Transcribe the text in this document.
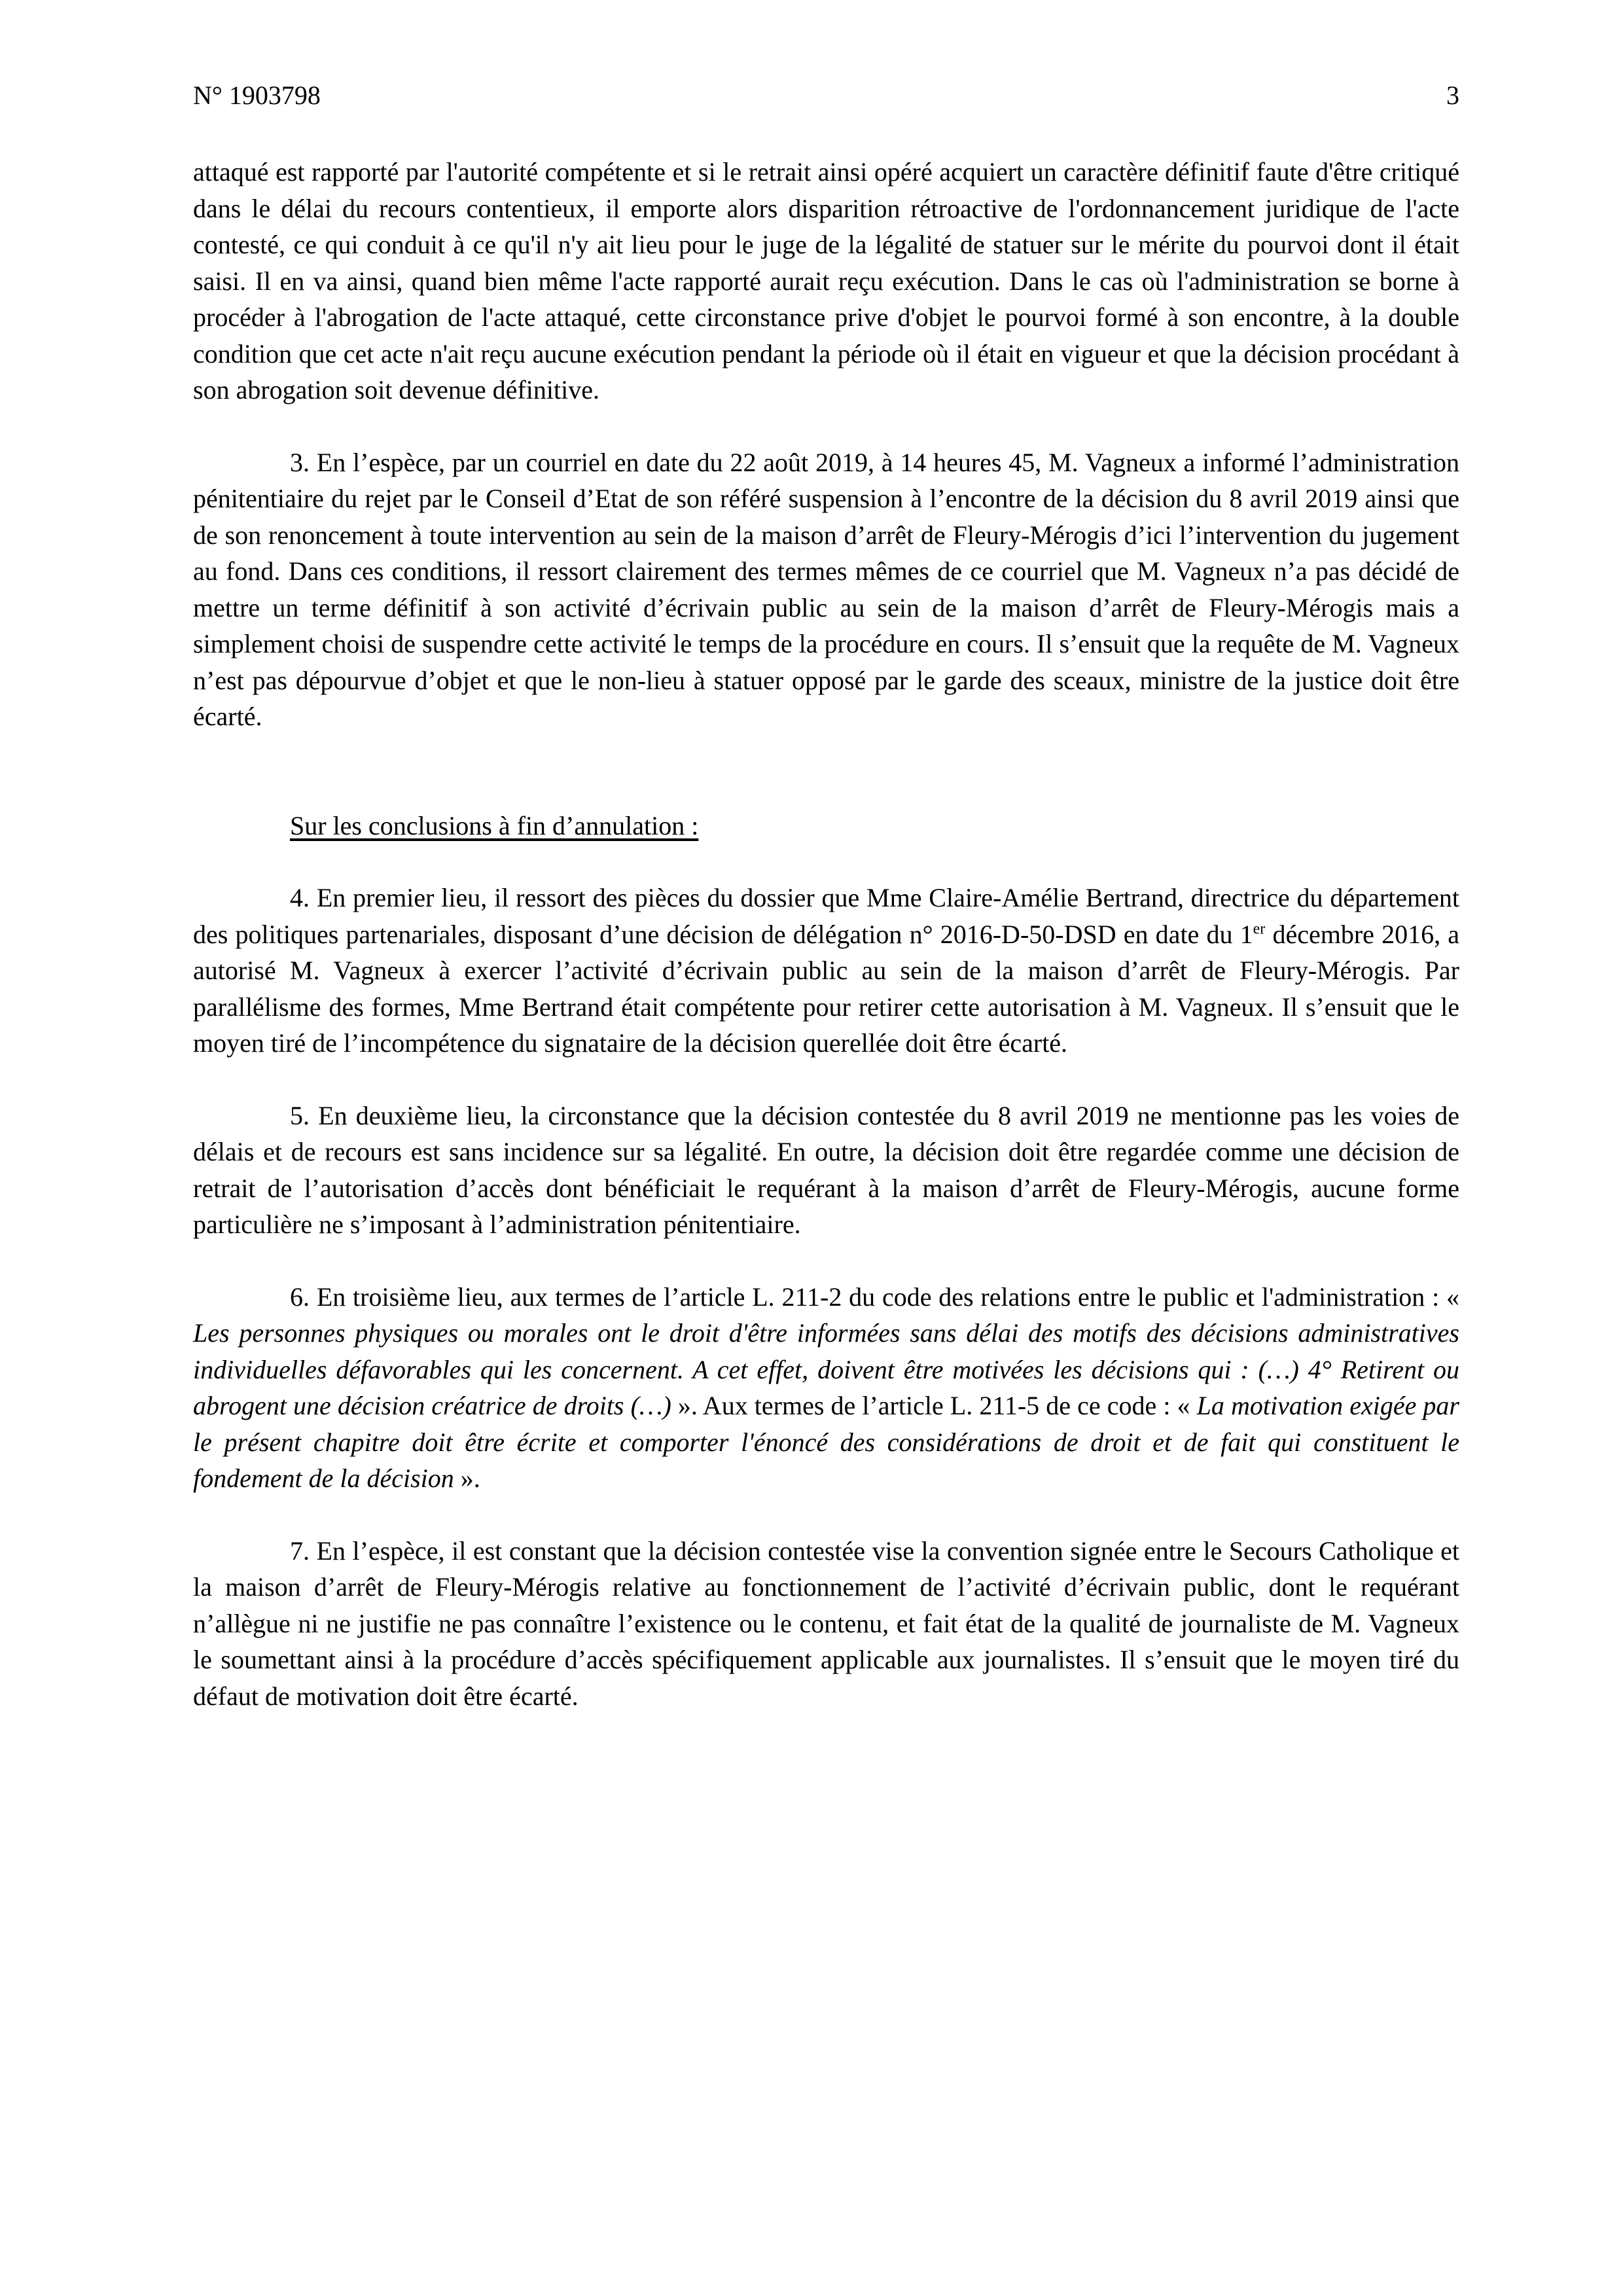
N° 1903798	3

attaqué est rapporté par l'autorité compétente et si le retrait ainsi opéré acquiert un caractère définitif faute d'être critiqué dans le délai du recours contentieux, il emporte alors disparition rétroactive de l'ordonnancement juridique de l'acte contesté, ce qui conduit à ce qu'il n'y ait lieu pour le juge de la légalité de statuer sur le mérite du pourvoi dont il était saisi. Il en va ainsi, quand bien même l'acte rapporté aurait reçu exécution. Dans le cas où l'administration se borne à procéder à l'abrogation de l'acte attaqué, cette circonstance prive d'objet le pourvoi formé à son encontre, à la double condition que cet acte n'ait reçu aucune exécution pendant la période où il était en vigueur et que la décision procédant à son abrogation soit devenue définitive.

3. En l’espèce, par un courriel en date du 22 août 2019, à 14 heures 45, M. Vagneux a informé l’administration pénitentiaire du rejet par le Conseil d’Etat de son référé suspension à l’encontre de la décision du 8 avril 2019 ainsi que de son renoncement à toute intervention au sein de la maison d’arrêt de Fleury-Mérogis d’ici l’intervention du jugement au fond. Dans ces conditions, il ressort clairement des termes mêmes de ce courriel que M. Vagneux n’a pas décidé de mettre un terme définitif à son activité d’écrivain public au sein de la maison d’arrêt de Fleury-Mérogis mais a simplement choisi de suspendre cette activité le temps de la procédure en cours. Il s’ensuit que la requête de M. Vagneux n’est pas dépourvue d’objet et que le non-lieu à statuer opposé par le garde des sceaux, ministre de la justice doit être écarté.

Sur les conclusions à fin d’annulation :

4. En premier lieu, il ressort des pièces du dossier que Mme Claire-Amélie Bertrand, directrice du département des politiques partenariales, disposant d’une décision de délégation n° 2016-D-50-DSD en date du 1er décembre 2016, a autorisé M. Vagneux à exercer l’activité d’écrivain public au sein de la maison d’arrêt de Fleury-Mérogis. Par parallélisme des formes, Mme Bertrand était compétente pour retirer cette autorisation à M. Vagneux. Il s’ensuit que le moyen tiré de l’incompétence du signataire de la décision querellée doit être écarté.

5. En deuxième lieu, la circonstance que la décision contestée du 8 avril 2019 ne mentionne pas les voies de délais et de recours est sans incidence sur sa légalité. En outre, la décision doit être regardée comme une décision de retrait de l’autorisation d’accès dont bénéficiait le requérant à la maison d’arrêt de Fleury-Mérogis, aucune forme particulière ne s’imposant à l’administration pénitentiaire.

6. En troisième lieu, aux termes de l’article L. 211-2 du code des relations entre le public et l'administration : « Les personnes physiques ou morales ont le droit d'être informées sans délai des motifs des décisions administratives individuelles défavorables qui les concernent. A cet effet, doivent être motivées les décisions qui : (…) 4° Retirent ou abrogent une décision créatrice de droits (…) ». Aux termes de l’article L. 211-5 de ce code : « La motivation exigée par le présent chapitre doit être écrite et comporter l'énoncé des considérations de droit et de fait qui constituent le fondement de la décision ».

7. En l’espèce, il est constant que la décision contestée vise la convention signée entre le Secours Catholique et la maison d’arrêt de Fleury-Mérogis relative au fonctionnement de l’activité d’écrivain public, dont le requérant n’allègue ni ne justifie ne pas connaître l’existence ou le contenu, et fait état de la qualité de journaliste de M. Vagneux le soumettant ainsi à la procédure d’accès spécifiquement applicable aux journalistes. Il s’ensuit que le moyen tiré du défaut de motivation doit être écarté.
